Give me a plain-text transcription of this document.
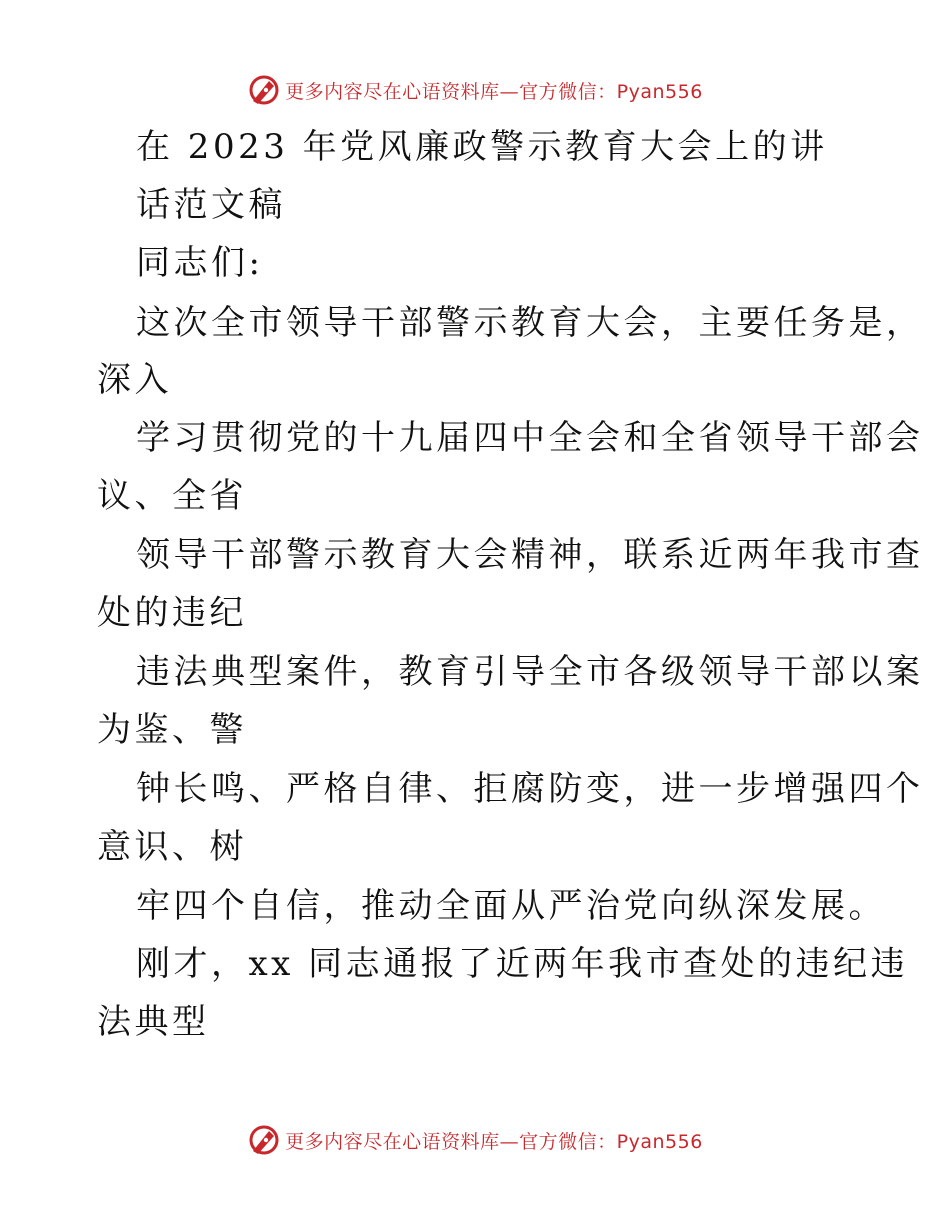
更多内容尽在心语资料库—官方微信：Pyan556
在 2023 年党风廉政警示教育大会上的讲
话范文稿
同志们:
这次全市领导干部警示教育大会，主要任务是，
深入
学习贯彻党的十九届四中全会和全省领导干部会
议、全省
领导干部警示教育大会精神，联系近两年我市查
处的违纪
违法典型案件，教育引导全市各级领导干部以案
为鉴、警
钟长鸣、严格自律、拒腐防变，进一步增强四个
意识、树
牢四个自信，推动全面从严治党向纵深发展。
刚才，xx 同志通报了近两年我市查处的违纪违
法典型
更多内容尽在心语资料库—官方微信：Pyan556
